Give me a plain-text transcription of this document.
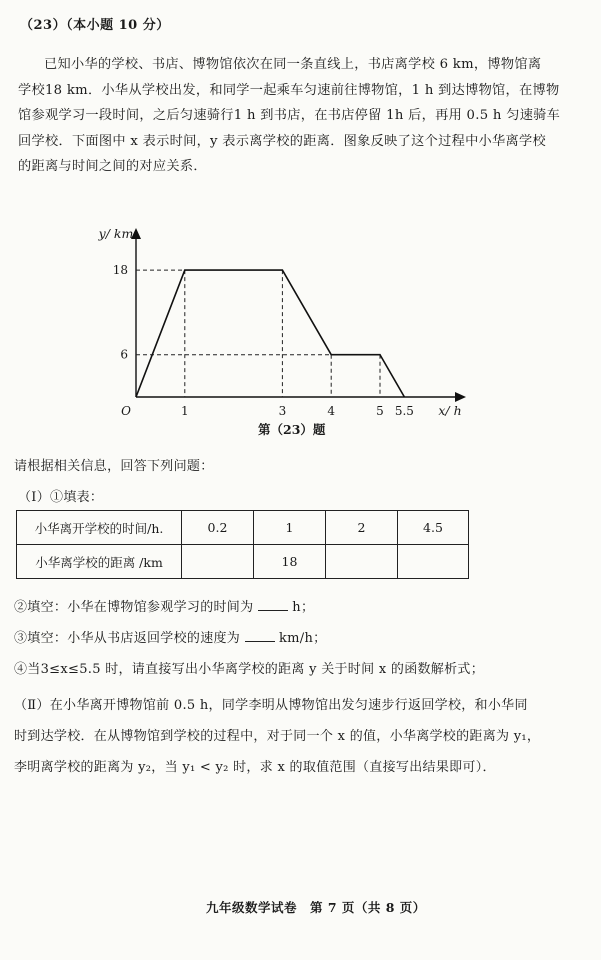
（23）（本小题 10 分）
已知小华的学校、书店、博物馆依次在同一条直线上，书店离学校 6 km，博物馆离
学校18 km．小华从学校出发，和同学一起乘车匀速前往博物馆，1 h 到达博物馆，在博物
馆参观学习一段时间，之后匀速骑行1 h 到书店，在书店停留 1h 后，再用 0.5 h 匀速骑车
回学校．下面图中 x 表示时间，y 表示离学校的距离．图象反映了这个过程中小华离学校
的距离与时间之间的对应关系．
1	3	4	5 5.5
6
18
O
y/ km
x/ h
第（23）题
请根据相关信息，回答下列问题：
（Ⅰ）①填表：
小华离开学校的时间/h.	0.2	1	2	4.5
小华离学校的距离 /km		18		
②填空：小华在博物馆参观学习的时间为	h；
③填空：小华从书店返回学校的速度为	km/h；
④当3≤x≤5.5 时，请直接写出小华离学校的距离 y 关于时间 x 的函数解析式；
（Ⅱ）在小华离开博物馆前 0.5 h，同学李明从博物馆出发匀速步行返回学校，和小华同
时到达学校．在从博物馆到学校的过程中，对于同一个 x 的值，小华离学校的距离为 y₁，
李明离学校的距离为 y₂，当 y₁ < y₂ 时，求 x 的取值范围（直接写出结果即可）．
九年级数学试卷　第 7 页（共 8 页）
